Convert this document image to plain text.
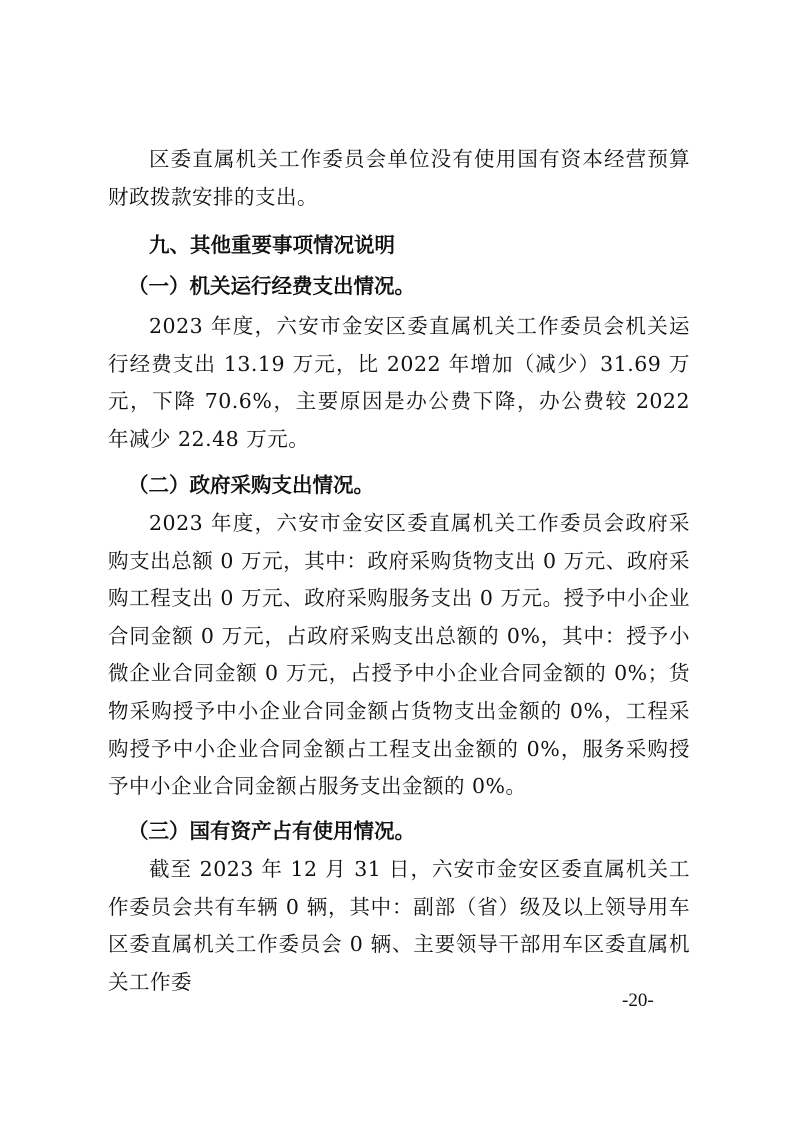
区委直属机关工作委员会单位没有使用国有资本经营预算财政拨款安排的支出。

九、其他重要事项情况说明

（一）机关运行经费支出情况。

2023 年度，六安市金安区委直属机关工作委员会机关运行经费支出 13.19 万元，比 2022 年增加（减少）31.69 万元，下降 70.6%，主要原因是办公费下降，办公费较 2022 年减少 22.48 万元。

（二）政府采购支出情况。

2023 年度，六安市金安区委直属机关工作委员会政府采购支出总额 0 万元，其中：政府采购货物支出 0 万元、政府采购工程支出 0 万元、政府采购服务支出 0 万元。授予中小企业合同金额 0 万元，占政府采购支出总额的 0%，其中：授予小微企业合同金额 0 万元，占授予中小企业合同金额的 0%；货物采购授予中小企业合同金额占货物支出金额的 0%，工程采购授予中小企业合同金额占工程支出金额的 0%，服务采购授予中小企业合同金额占服务支出金额的 0%。

（三）国有资产占有使用情况。

截至 2023 年 12 月 31 日，六安市金安区委直属机关工作委员会共有车辆 0 辆，其中：副部（省）级及以上领导用车区委直属机关工作委员会 0 辆、主要领导干部用车区委直属机关工作委

-20-
